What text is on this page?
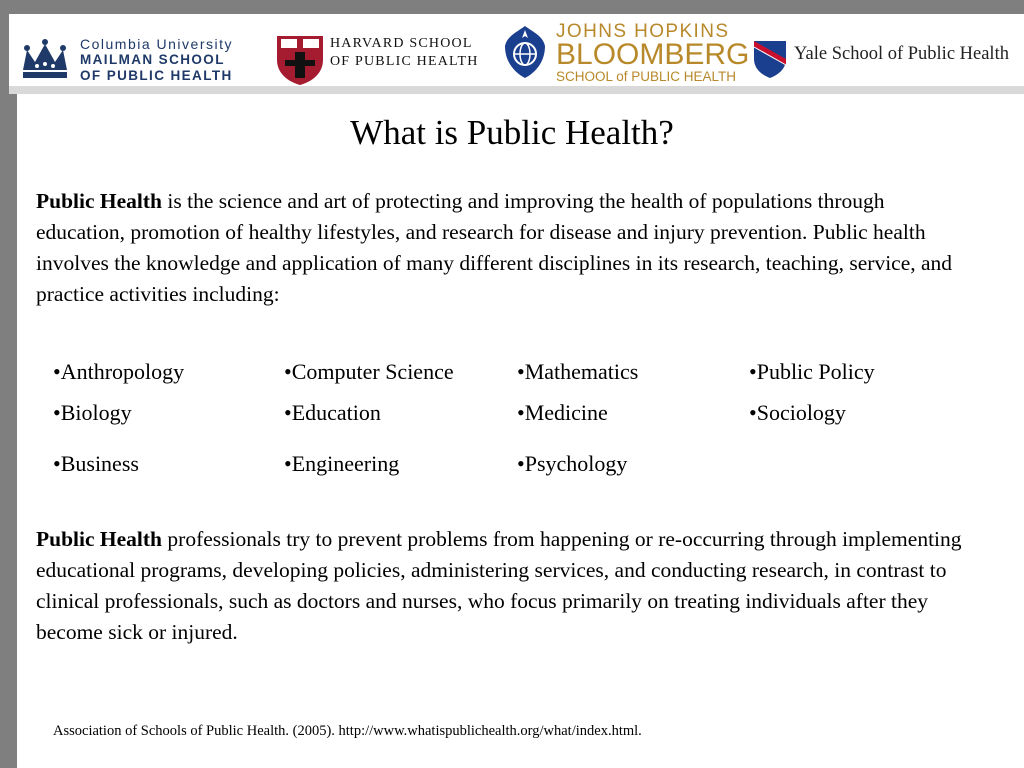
Columbia University
MAILMAN SCHOOL
OF PUBLIC HEALTH
HARVARD SCHOOL
OF PUBLIC HEALTH
JOHNS HOPKINS
BLOOMBERG
SCHOOL of PUBLIC HEALTH
Yale School of Public Health
What is Public Health?
Public Health is the science and art of protecting and improving the health of populations through education, promotion of healthy lifestyles, and research for disease and injury prevention. Public health involves the knowledge and application of many different disciplines in its research, teaching, service, and practice activities including:
•Anthropology	•Computer Science	•Mathematics	•Public Policy
•Biology	•Education	•Medicine	•Sociology
•Business	•Engineering	•Psychology
Public Health professionals try to prevent problems from happening or re-occurring through implementing educational programs, developing policies, administering services, and conducting research, in contrast to clinical professionals, such as doctors and nurses, who focus primarily on treating individuals after they become sick or injured.
Association of Schools of Public Health. (2005). http://www.whatispublichealth.org/what/index.html.
